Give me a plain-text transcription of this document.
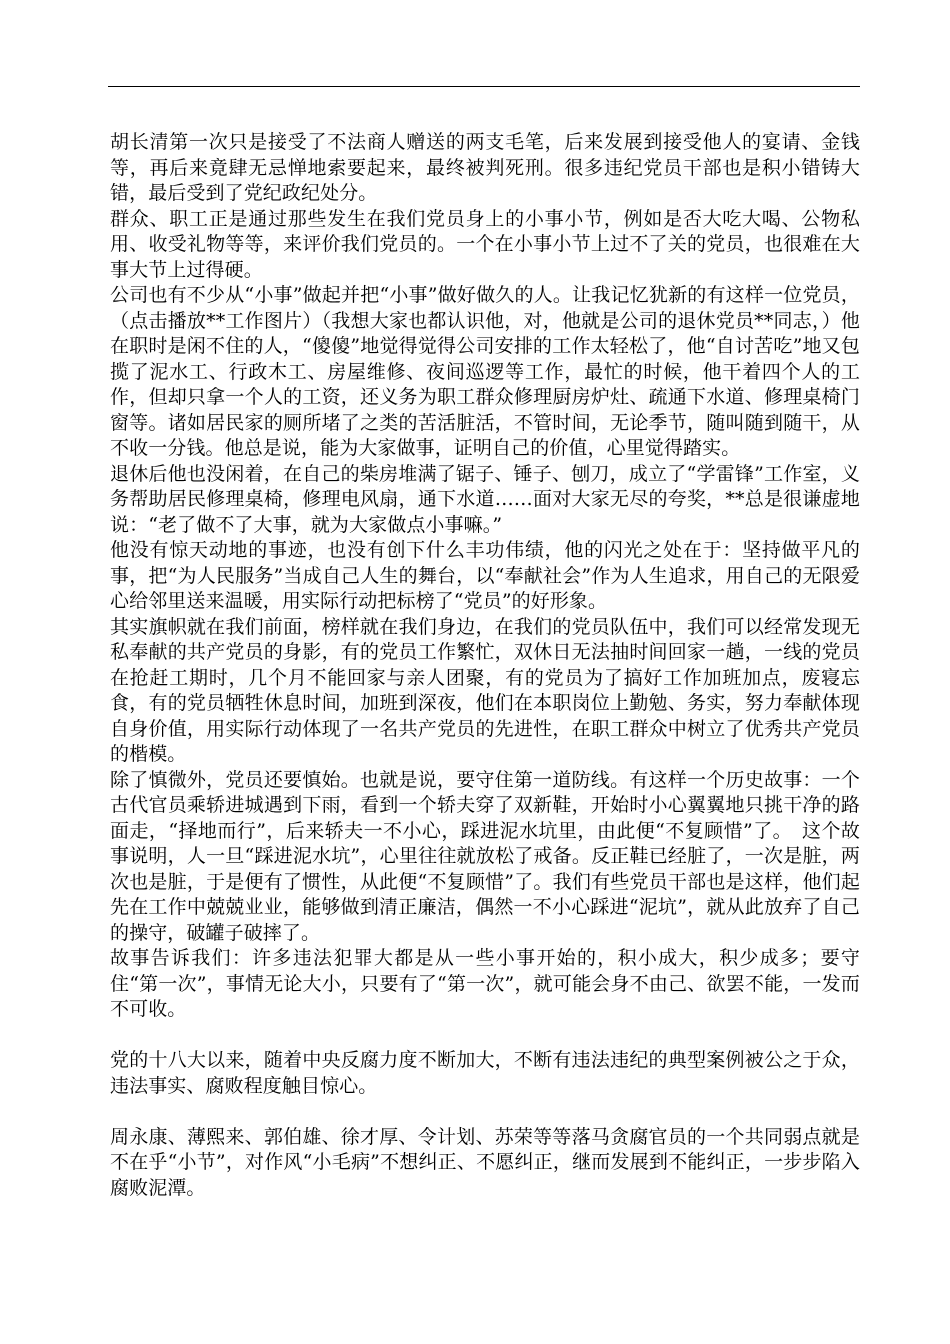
胡长清第一次只是接受了不法商人赠送的两支毛笔，后来发展到接受他人的宴请、金钱等，再后来竟肆无忌惮地索要起来，最终被判死刑。很多违纪党员干部也是积小错铸大错，最后受到了党纪政纪处分。

群众、职工正是通过那些发生在我们党员身上的小事小节，例如是否大吃大喝、公物私用、收受礼物等等，来评价我们党员的。一个在小事小节上过不了关的党员，也很难在大事大节上过得硬。

公司也有不少从“小事”做起并把“小事”做好做久的人。让我记忆犹新的有这样一位党员，（点击播放**工作图片）（我想大家也都认识他，对，他就是公司的退休党员**同志，）他在职时是闲不住的人，“傻傻”地觉得觉得公司安排的工作太轻松了，他“自讨苦吃”地又包揽了泥水工、行政木工、房屋维修、夜间巡逻等工作，最忙的时候，他干着四个人的工作，但却只拿一个人的工资，还义务为职工群众修理厨房炉灶、疏通下水道、修理桌椅门窗等。诸如居民家的厕所堵了之类的苦活脏活，不管时间，无论季节，随叫随到随干，从不收一分钱。他总是说，能为大家做事，证明自己的价值，心里觉得踏实。

退休后他也没闲着，在自己的柴房堆满了锯子、锤子、刨刀，成立了“学雷锋”工作室，义务帮助居民修理桌椅，修理电风扇，通下水道……面对大家无尽的夸奖，**总是很谦虚地说：“老了做不了大事，就为大家做点小事嘛。”

他没有惊天动地的事迹，也没有创下什么丰功伟绩，他的闪光之处在于：坚持做平凡的事，把“为人民服务”当成自己人生的舞台，以“奉献社会”作为人生追求，用自己的无限爱心给邻里送来温暖，用实际行动把标榜了“党员”的好形象。

其实旗帜就在我们前面，榜样就在我们身边，在我们的党员队伍中，我们可以经常发现无私奉献的共产党员的身影，有的党员工作繁忙，双休日无法抽时间回家一趟，一线的党员在抢赶工期时，几个月不能回家与亲人团聚，有的党员为了搞好工作加班加点，废寝忘食，有的党员牺牲休息时间，加班到深夜，他们在本职岗位上勤勉、务实，努力奉献体现自身价值，用实际行动体现了一名共产党员的先进性，在职工群众中树立了优秀共产党员的楷模。

除了慎微外，党员还要慎始。也就是说，要守住第一道防线。有这样一个历史故事：一个古代官员乘轿进城遇到下雨，看到一个轿夫穿了双新鞋，开始时小心翼翼地只挑干净的路面走，“择地而行”，后来轿夫一不小心，踩进泥水坑里，由此便“不复顾惜”了。　这个故事说明，人一旦“踩进泥水坑”，心里往往就放松了戒备。反正鞋已经脏了，一次是脏，两次也是脏，于是便有了惯性，从此便“不复顾惜”了。我们有些党员干部也是这样，他们起先在工作中兢兢业业，能够做到清正廉洁，偶然一不小心踩进“泥坑”，就从此放弃了自己的操守，破罐子破摔了。

故事告诉我们：许多违法犯罪大都是从一些小事开始的，积小成大，积少成多；要守住“第一次”，事情无论大小，只要有了“第一次”，就可能会身不由己、欲罢不能，一发而不可收。

党的十八大以来，随着中央反腐力度不断加大，不断有违法违纪的典型案例被公之于众，违法事实、腐败程度触目惊心。

周永康、薄熙来、郭伯雄、徐才厚、令计划、苏荣等等落马贪腐官员的一个共同弱点就是不在乎“小节”，对作风“小毛病”不想纠正、不愿纠正，继而发展到不能纠正，一步步陷入腐败泥潭。
